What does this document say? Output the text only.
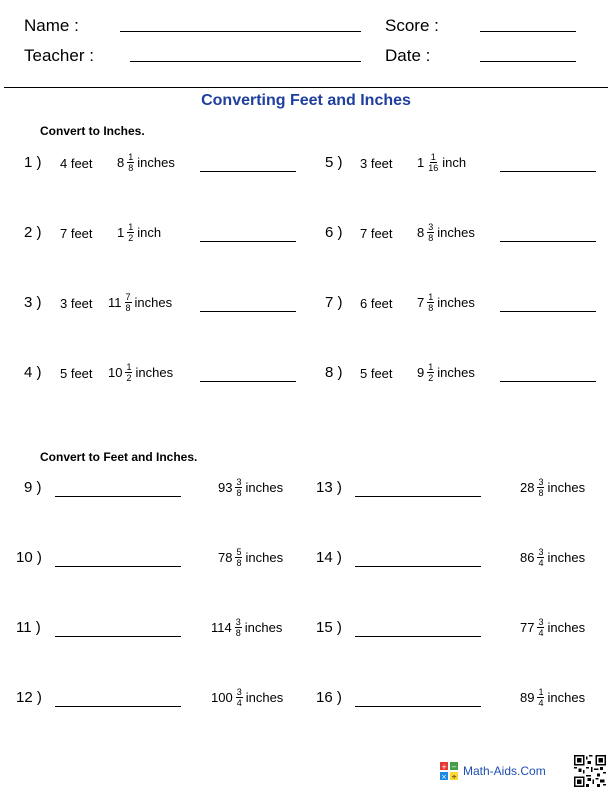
Name :	Score :
Teacher :	Date :
Converting Feet and Inches
Convert to Inches.
1 ) 4 feet $8 \frac{1}{8}$ inches
2 ) 7 feet $1 \frac{1}{2}$ inch
3 ) 3 feet $11 \frac{7}{8}$ inches
4 ) 5 feet $10 \frac{1}{2}$ inches
5 ) 3 feet $1 \frac{1}{16}$ inch
6 ) 7 feet $8 \frac{3}{8}$ inches
7 ) 6 feet $7 \frac{1}{8}$ inches
8 ) 5 feet $9 \frac{1}{2}$ inches
Convert to Feet and Inches.
9 )	$93 \frac{3}{8}$ inches
10 )	$78 \frac{5}{8}$ inches
11 )	$114 \frac{3}{8}$ inches
12 )	$100 \frac{3}{4}$ inches
13 )	$28 \frac{3}{8}$ inches
14 )	$86 \frac{3}{4}$ inches
15 )	$77 \frac{3}{4}$ inches
16 )	$89 \frac{1}{4}$ inches
+ −
× ÷ Math-Aids.Com
